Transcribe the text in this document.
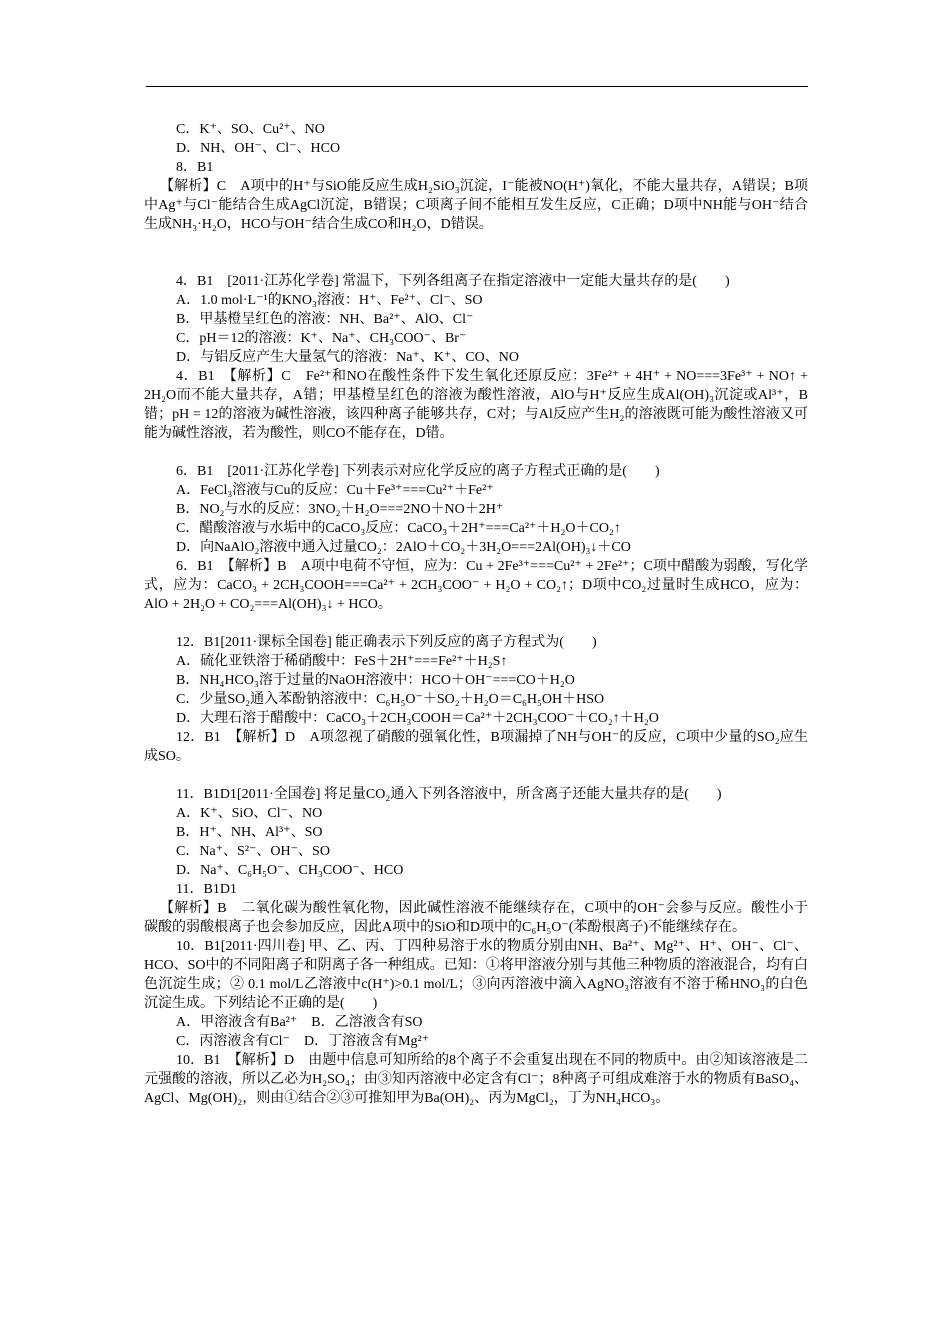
C．K⁺、SO、Cu²⁺、NO
D．NH、OH⁻、Cl⁻、HCO
8．B1
【解析】C　A项中的H⁺与SiO能反应生成H₂SiO₃沉淀，I⁻能被NO(H⁺)氧化，不能大量共存，A错误；B项中Ag⁺与Cl⁻能结合生成AgCl沉淀，B错误；C项离子间不能相互发生反应，C正确；D项中NH能与OH⁻结合生成NH₃·H₂O，HCO与OH⁻结合生成CO和H₂O，D错误。
4．B1　[2011·江苏化学卷] 常温下，下列各组离子在指定溶液中一定能大量共存的是(　　)
A．1.0 mol·L⁻¹的KNO₃溶液：H⁺、Fe²⁺、Cl⁻、SO
B．甲基橙呈红色的溶液：NH、Ba²⁺、AlO、Cl⁻
C．pH＝12的溶液：K⁺、Na⁺、CH₃COO⁻、Br⁻
D．与铝反应产生大量氢气的溶液：Na⁺、K⁺、CO、NO
4．B1　【解析】C　Fe²⁺和NO在酸性条件下发生氧化还原反应：3Fe²⁺ + 4H⁺ + NO===3Fe³⁺ + NO↑ + 2H₂O而不能大量共存，A错；甲基橙呈红色的溶液为酸性溶液，AlO与H⁺反应生成Al(OH)₃沉淀或Al³⁺，B错；pH = 12的溶液为碱性溶液，该四种离子能够共存，C对；与Al反应产生H₂的溶液既可能为酸性溶液又可能为碱性溶液，若为酸性，则CO不能存在，D错。
6．B1　[2011·江苏化学卷] 下列表示对应化学反应的离子方程式正确的是(　　)
A．FeCl₃溶液与Cu的反应：Cu＋Fe³⁺===Cu²⁺＋Fe²⁺
B．NO₂与水的反应：3NO₂＋H₂O===2NO＋NO＋2H⁺
C．醋酸溶液与水垢中的CaCO₃反应：CaCO₃＋2H⁺===Ca²⁺＋H₂O＋CO₂↑
D．向NaAlO₂溶液中通入过量CO₂：2AlO＋CO₂＋3H₂O===2Al(OH)₃↓＋CO
6．B1　【解析】B　A项中电荷不守恒，应为：Cu + 2Fe³⁺===Cu²⁺ + 2Fe²⁺；C项中醋酸为弱酸，写化学式，应为：CaCO₃ + 2CH₃COOH===Ca²⁺ + 2CH₃COO⁻ + H₂O + CO₂↑；D项中CO₂过量时生成HCO，应为：AlO + 2H₂O + CO₂===Al(OH)₃↓ + HCO。
12．B1[2011·课标全国卷] 能正确表示下列反应的离子方程式为(　　)
A．硫化亚铁溶于稀硝酸中：FeS＋2H⁺===Fe²⁺＋H₂S↑
B．NH₄HCO₃溶于过量的NaOH溶液中：HCO＋OH⁻===CO＋H₂O
C．少量SO₂通入苯酚钠溶液中：C₆H₅O⁻＋SO₂＋H₂O＝C₆H₅OH＋HSO
D．大理石溶于醋酸中：CaCO₃＋2CH₃COOH＝Ca²⁺＋2CH₃COO⁻＋CO₂↑＋H₂O
12．B1　【解析】D　A项忽视了硝酸的强氧化性，B项漏掉了NH与OH⁻的反应，C项中少量的SO₂应生成SO。
11．B1D1[2011·全国卷] 将足量CO₂通入下列各溶液中，所含离子还能大量共存的是(　　)
A．K⁺、SiO、Cl⁻、NO
B．H⁺、NH、Al³⁺、SO
C．Na⁺、S²⁻、OH⁻、SO
D．Na⁺、C₆H₅O⁻、CH₃COO⁻、HCO
11．B1D1
【解析】B　二氧化碳为酸性氧化物，因此碱性溶液不能继续存在，C项中的OH⁻会参与反应。酸性小于碳酸的弱酸根离子也会参加反应，因此A项中的SiO和D项中的C₆H₅O⁻(苯酚根离子)不能继续存在。
10．B1[2011·四川卷] 甲、乙、丙、丁四种易溶于水的物质分别由NH、Ba²⁺、Mg²⁺、H⁺、OH⁻、Cl⁻、HCO、SO中的不同阳离子和阴离子各一种组成。已知：①将甲溶液分别与其他三种物质的溶液混合，均有白色沉淀生成；② 0.1 mol/L乙溶液中c(H⁺)>0.1 mol/L；③向丙溶液中滴入AgNO₃溶液有不溶于稀HNO₃的白色沉淀生成。下列结论不正确的是(　　)
A．甲溶液含有Ba²⁺　B．乙溶液含有SO
C．丙溶液含有Cl⁻　D．丁溶液含有Mg²⁺
10．B1　【解析】D　由题中信息可知所给的8个离子不会重复出现在不同的物质中。由②知该溶液是二元强酸的溶液，所以乙必为H₂SO₄；由③知丙溶液中必定含有Cl⁻；8种离子可组成难溶于水的物质有BaSO₄、AgCl、Mg(OH)₂，则由①结合②③可推知甲为Ba(OH)₂、丙为MgCl₂，丁为NH₄HCO₃。
